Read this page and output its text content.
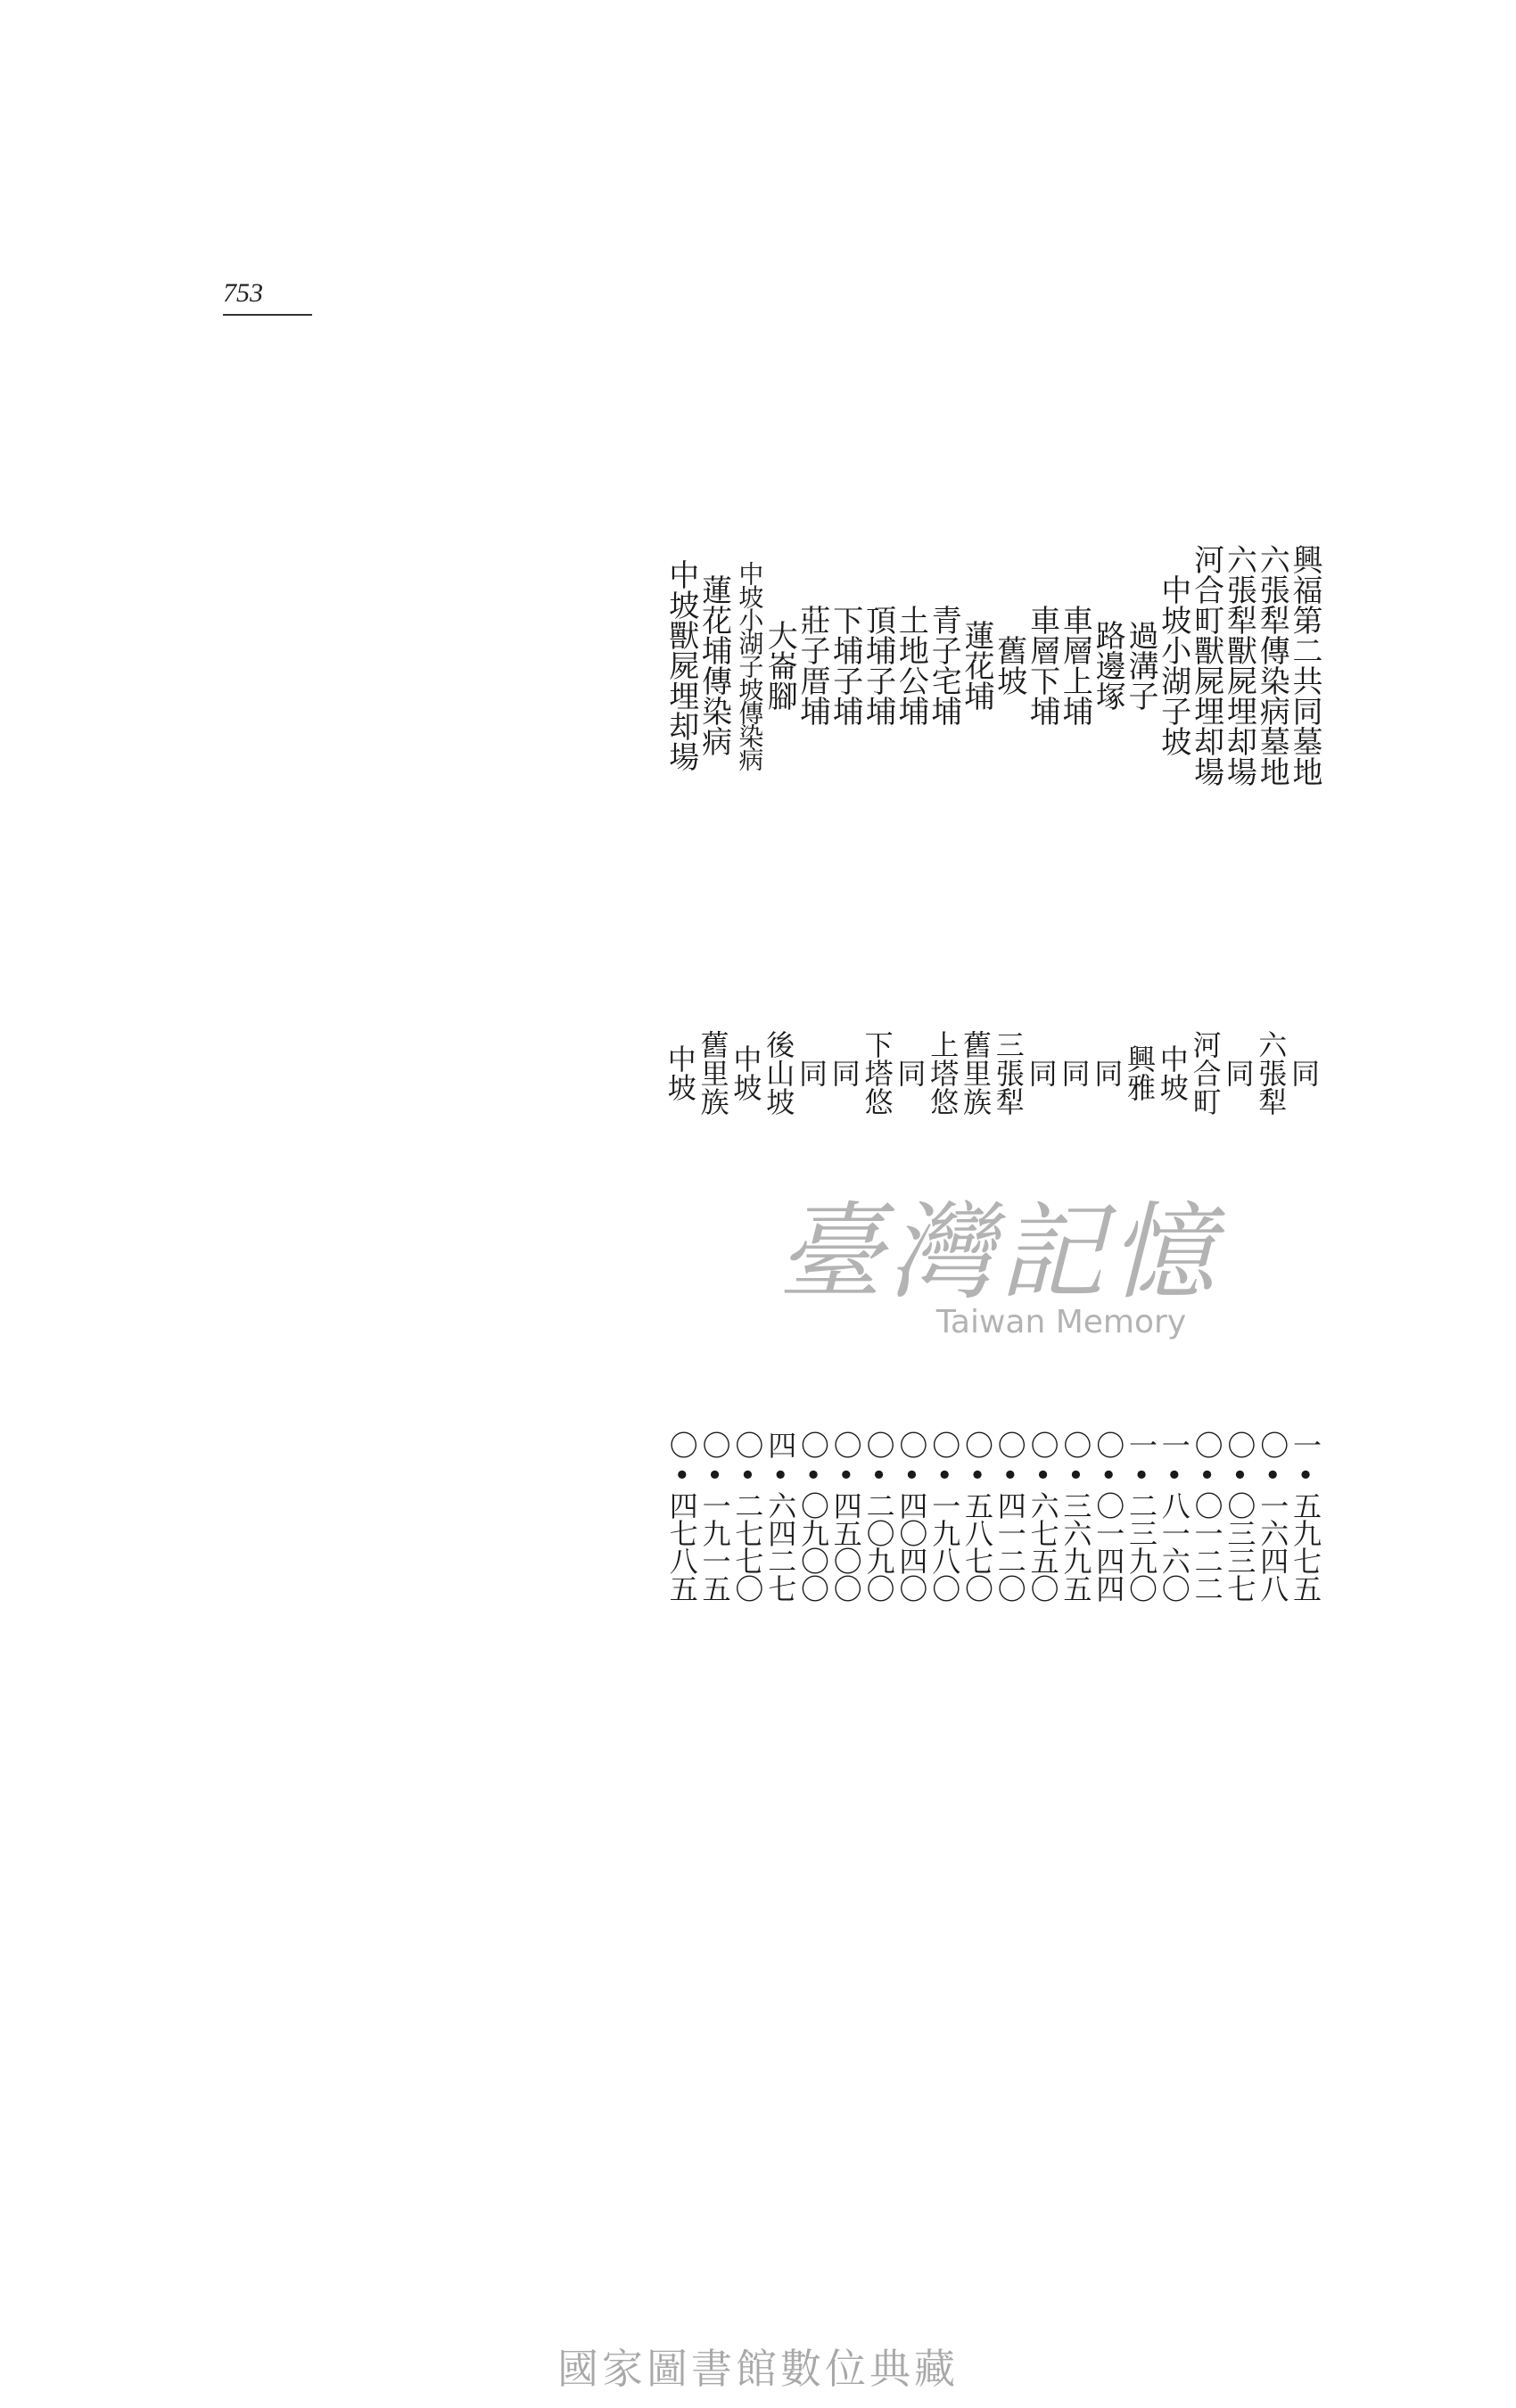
753
興福第二共同墓地
同
一•五九七五
六張犁傳染病墓地
六張犁
〇•一六四八
六張犁獸屍埋却場
同
〇•〇三三七
河合町獸屍埋却場
河合町
〇•〇一二二
中坡小湖子坡
中坡
一•八一六〇
過溝子
興雅
一•二三九〇
路邊塚
同
〇•〇一四四
車層上埔
同
〇•三六九五
車層下埔
同
〇•六七五〇
舊坡
三張犁
〇•四一二〇
蓮花埔
舊里族
〇•五八七〇
青子宅埔
上塔悠
〇•一九八〇
土地公埔
同
〇•四〇四〇
頂埔子埔
下塔悠
〇•二〇九〇
下埔子埔
同
〇•四五〇〇
莊子厝埔
同
〇•〇九〇〇
大崙腳
後山坡
四•六四二七
中坡小湖子坡傳染病
中坡
〇•二七七〇
蓮花埔傳染病
舊里族
〇•一九一五
中坡獸屍埋却場
中坡
〇•四七八五
臺灣記憶
Taiwan Memory
國家圖書館數位典藏
